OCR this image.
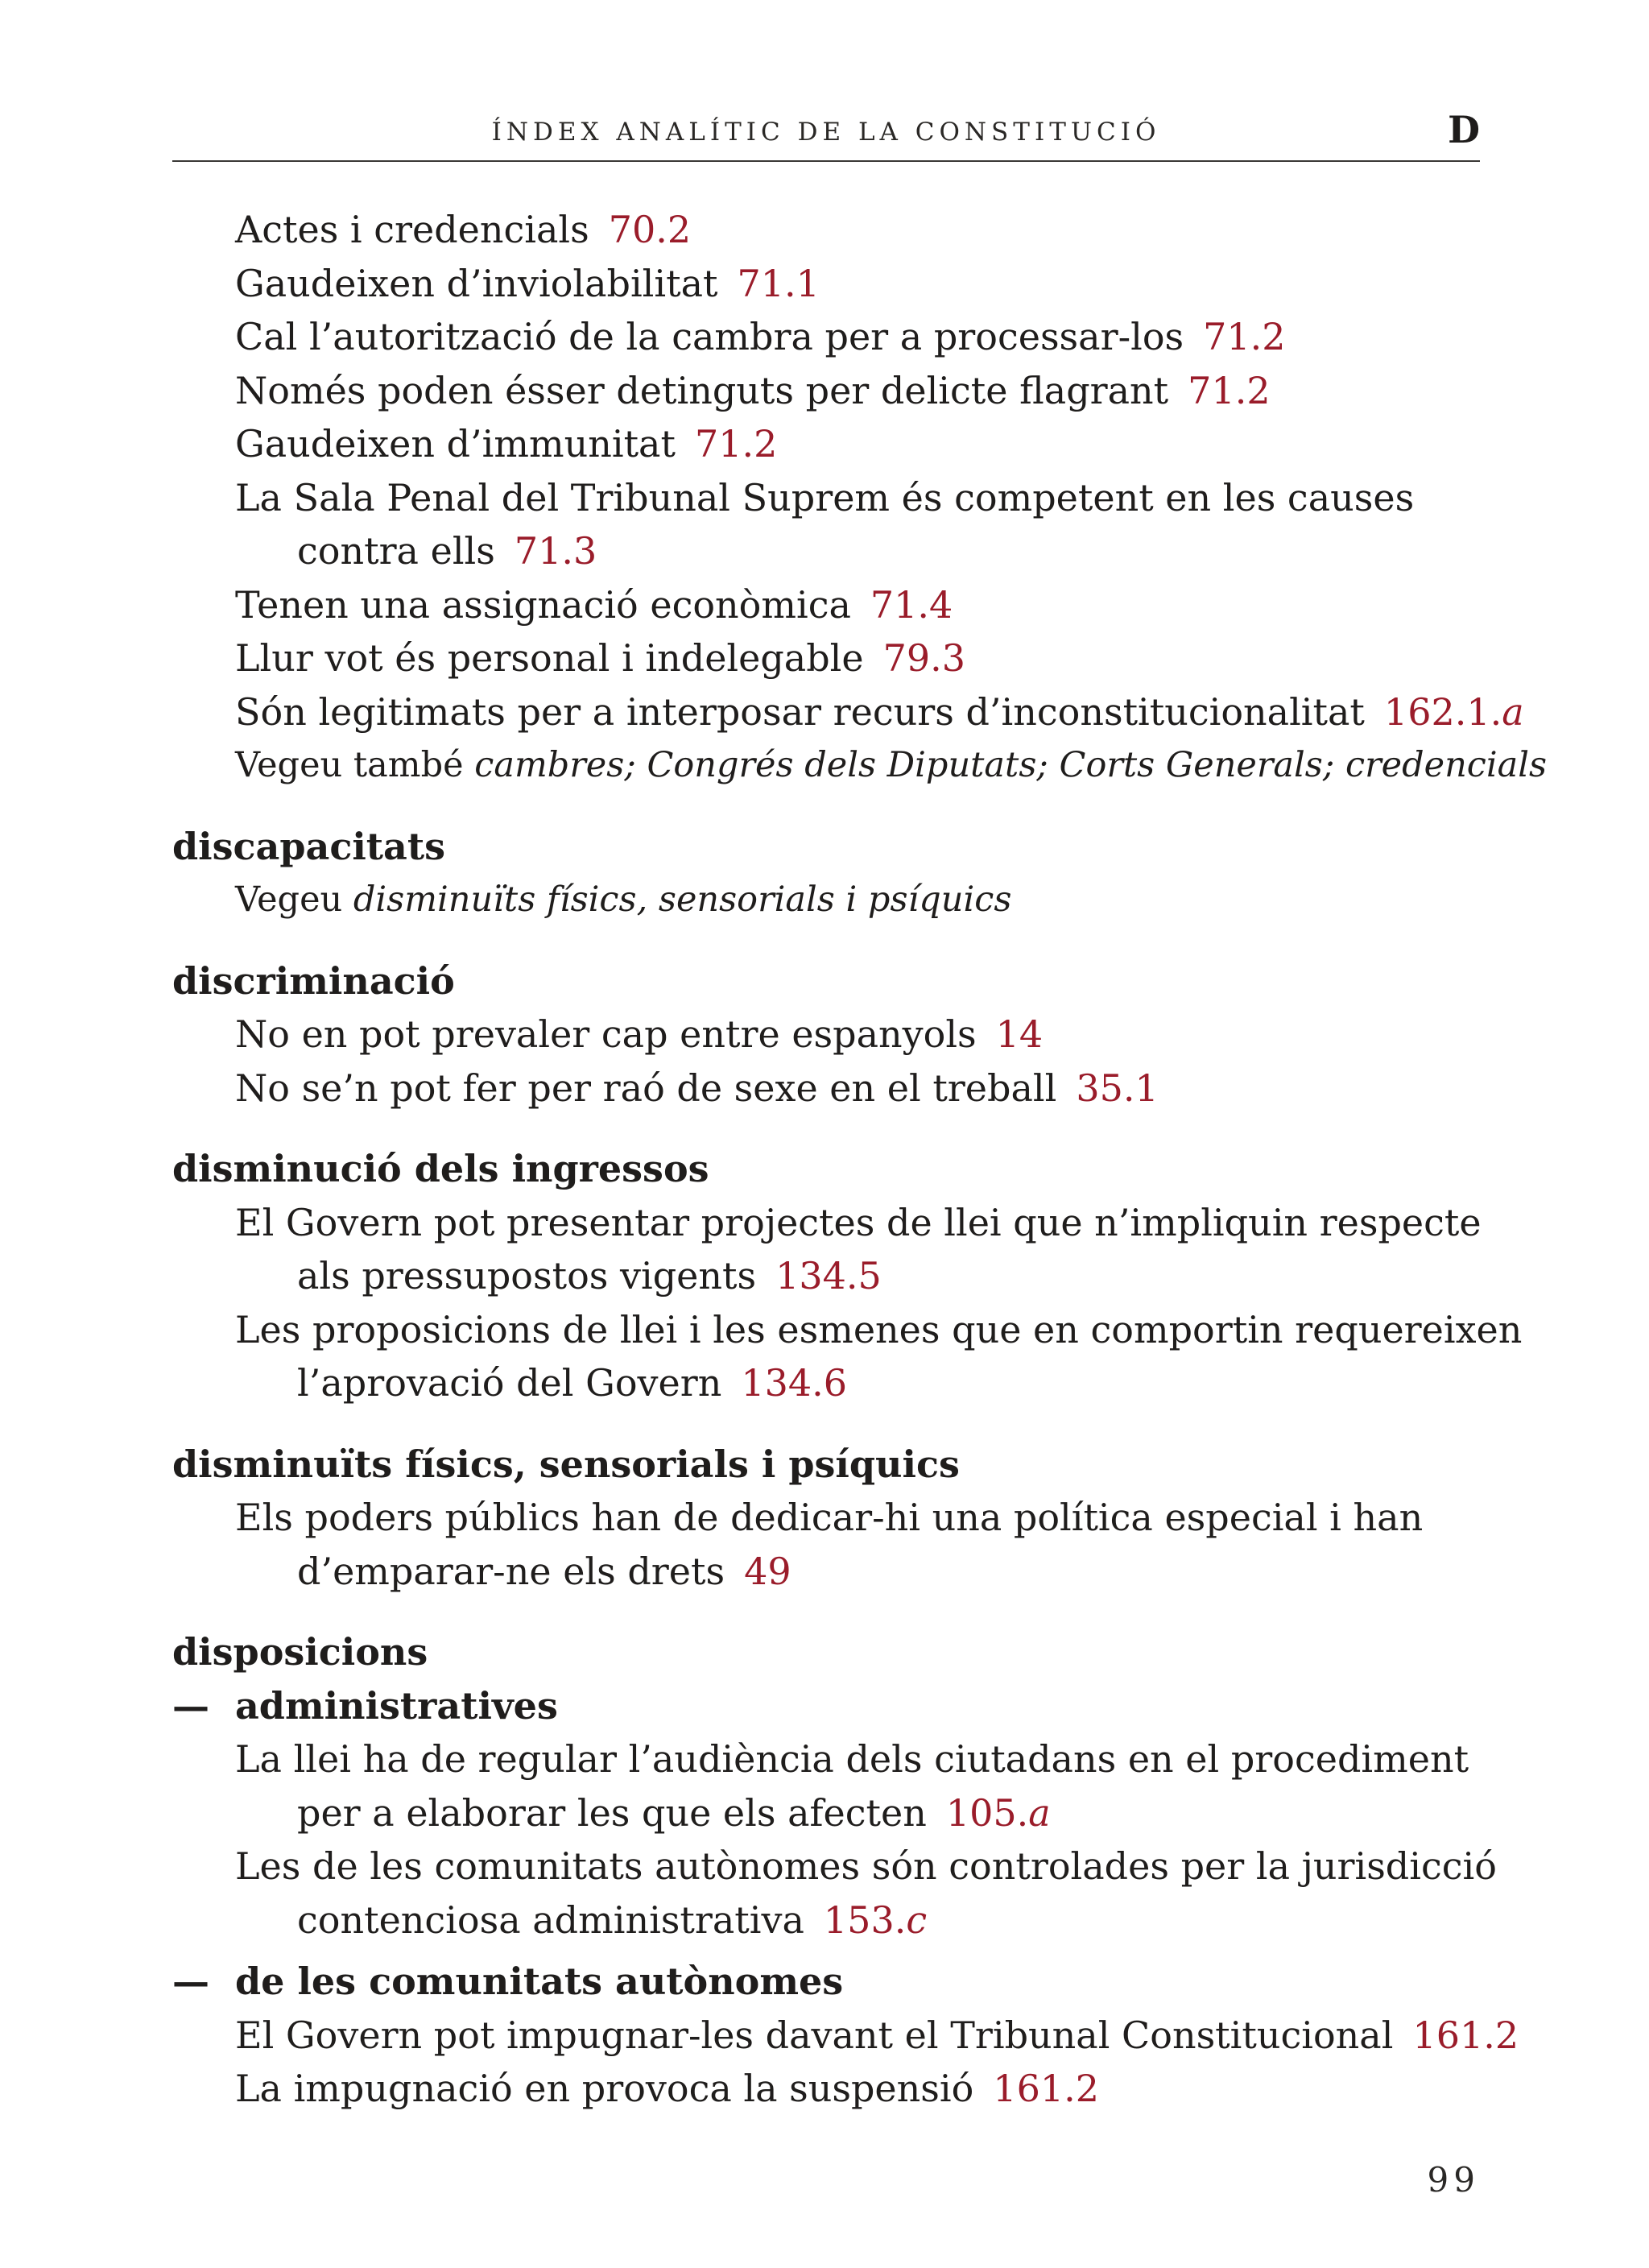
ÍNDEX ANALÍTIC DE LA CONSTITUCIÓ	D
Actes i credencials 70.2
Gaudeixen d’inviolabilitat 71.1
Cal l’autorització de la cambra per a processar-los 71.2
Només poden ésser detinguts per delicte flagrant 71.2
Gaudeixen d’immunitat 71.2
La Sala Penal del Tribunal Suprem és competent en les causes
contra ells 71.3
Tenen una assignació econòmica 71.4
Llur vot és personal i indelegable 79.3
Són legitimats per a interposar recurs d’inconstitucionalitat 162.1.a
Vegeu també cambres; Congrés dels Diputats; Corts Generals; credencials
discapacitats
Vegeu disminuïts físics, sensorials i psíquics
discriminació
No en pot prevaler cap entre espanyols 14
No se’n pot fer per raó de sexe en el treball 35.1
disminució dels ingressos
El Govern pot presentar projectes de llei que n’impliquin respecte
als pressupostos vigents 134.5
Les proposicions de llei i les esmenes que en comportin requereixen
l’aprovació del Govern 134.6
disminuïts físics, sensorials i psíquics
Els poders públics han de dedicar-hi una política especial i han
d’emparar-ne els drets 49
disposicions
— administratives
La llei ha de regular l’audiència dels ciutadans en el procediment
per a elaborar les que els afecten 105.a
Les de les comunitats autònomes són controlades per la jurisdicció
contenciosa administrativa 153.c
— de les comunitats autònomes
El Govern pot impugnar-les davant el Tribunal Constitucional 161.2
La impugnació en provoca la suspensió 161.2
99
